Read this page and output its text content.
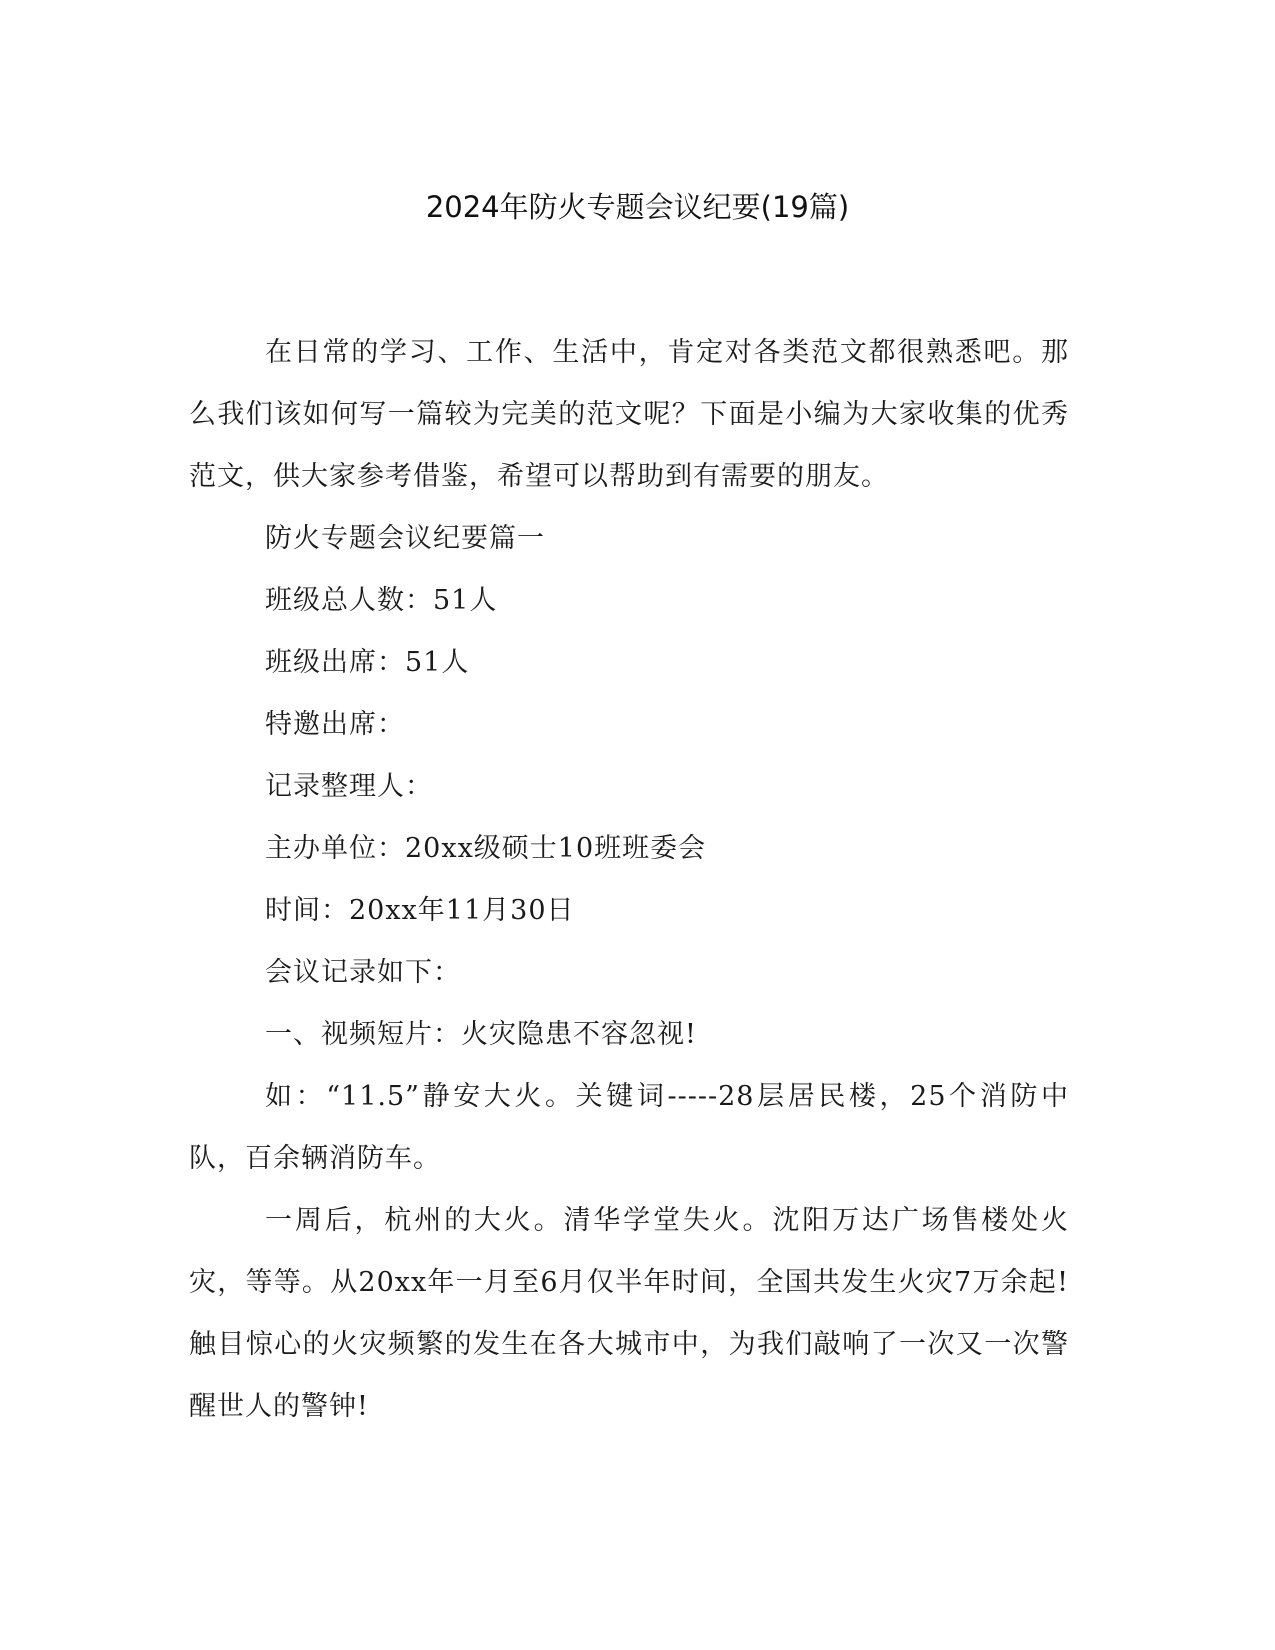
2024年防火专题会议纪要(19篇)

在日常的学习、工作、生活中，肯定对各类范文都很熟悉吧。那么我们该如何写一篇较为完美的范文呢？下面是小编为大家收集的优秀范文，供大家参考借鉴，希望可以帮助到有需要的朋友。

防火专题会议纪要篇一

班级总人数：51人

班级出席：51人

特邀出席：

记录整理人：

主办单位：20xx级硕士10班班委会

时间：20xx年11月30日

会议记录如下：

一、视频短片：火灾隐患不容忽视!

如：“11.5”静安大火。关键词-----28层居民楼，25个消防中队，百余辆消防车。

一周后，杭州的大火。清华学堂失火。沈阳万达广场售楼处火灾，等等。从20xx年一月至6月仅半年时间，全国共发生火灾7万余起!触目惊心的火灾频繁的发生在各大城市中，为我们敲响了一次又一次警醒世人的警钟!
